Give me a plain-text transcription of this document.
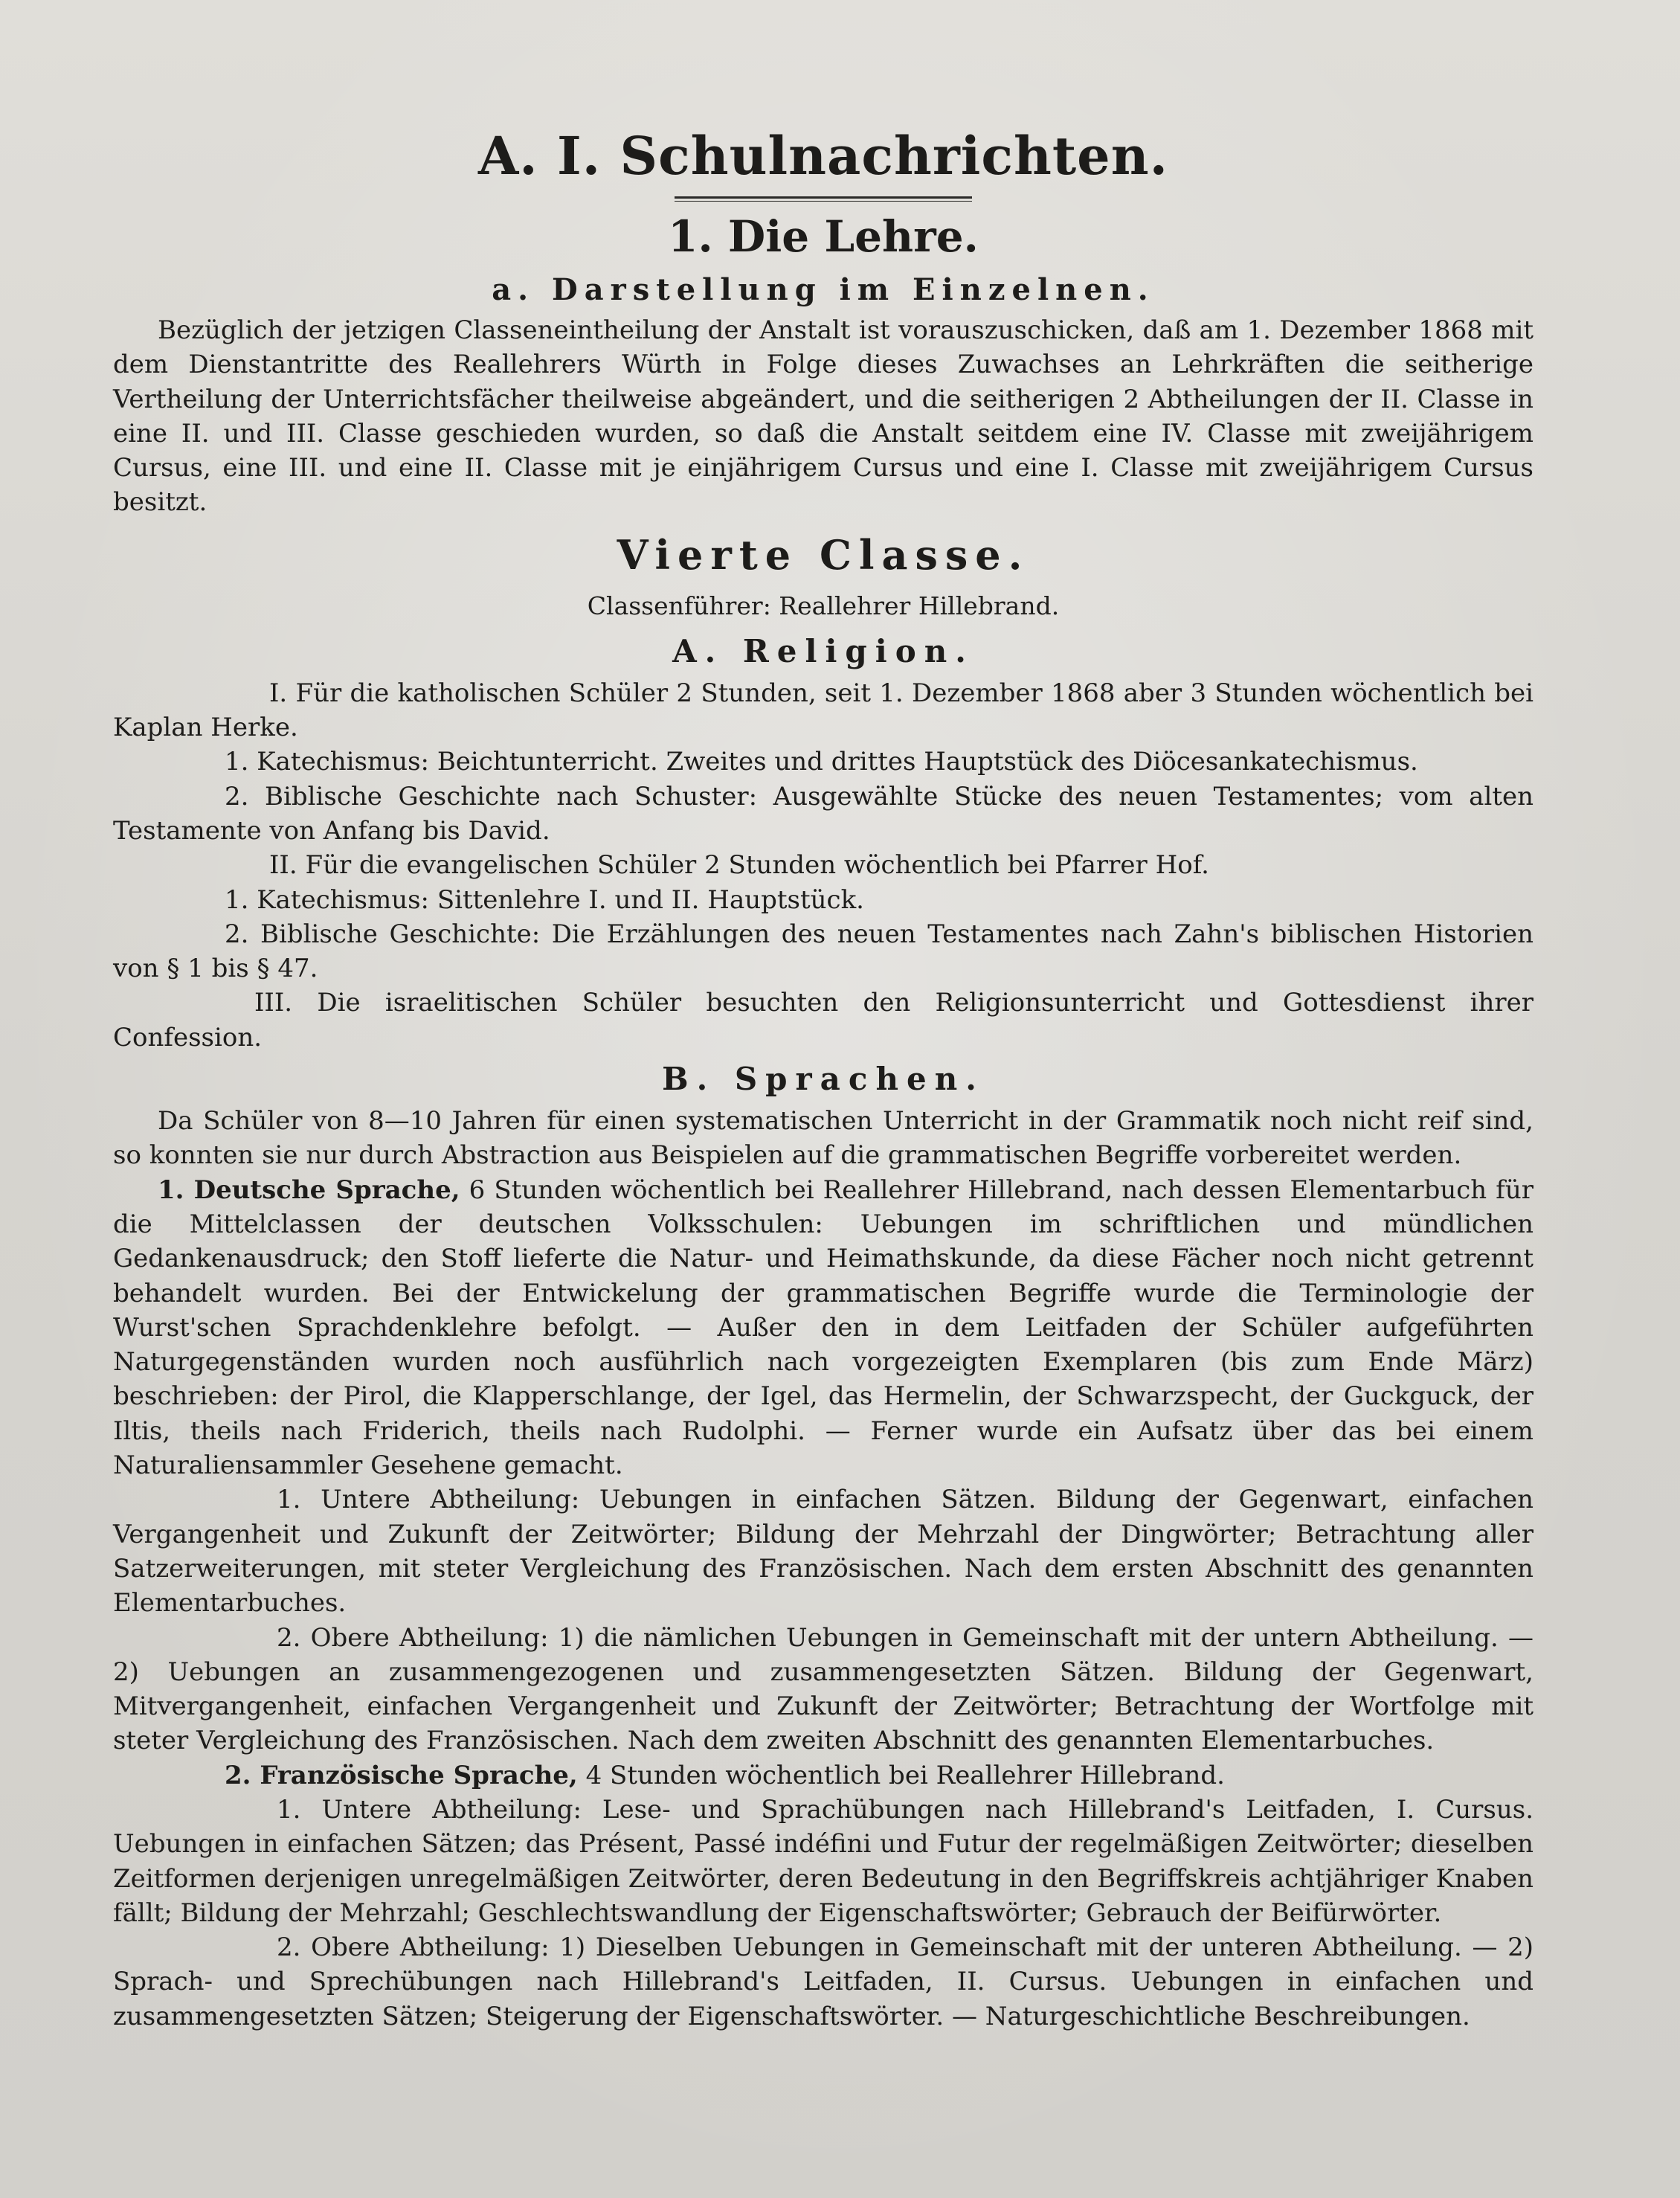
A. I. Schulnachrichten.
1. Die Lehre.
a. Darstellung im Einzelnen.

Bezüglich der jetzigen Classeneintheilung der Anstalt ist vorauszuschicken, daß am 1. Dezember 1868 mit dem Dienstantritte des Reallehrers Würth in Folge dieses Zuwachses an Lehrkräften die seitherige Vertheilung der Unterrichtsfächer theilweise abgeändert, und die seitherigen 2 Abtheilungen der II. Classe in eine II. und III. Classe geschieden wurden, so daß die Anstalt seitdem eine IV. Classe mit zweijährigem Cursus, eine III. und eine II. Classe mit je einjährigem Cursus und eine I. Classe mit zweijährigem Cursus besitzt.

Vierte Classe.
Classenführer: Reallehrer Hillebrand.
A. Religion.

I. Für die katholischen Schüler 2 Stunden, seit 1. Dezember 1868 aber 3 Stunden wöchentlich bei Kaplan Herke.

1. Katechismus: Beichtunterricht. Zweites und drittes Hauptstück des Diöcesankatechismus.

2. Biblische Geschichte nach Schuster: Ausgewählte Stücke des neuen Testamentes; vom alten Testamente von Anfang bis David.

II. Für die evangelischen Schüler 2 Stunden wöchentlich bei Pfarrer Hof.

1. Katechismus: Sittenlehre I. und II. Hauptstück.

2. Biblische Geschichte: Die Erzählungen des neuen Testamentes nach Zahn's biblischen Historien von § 1 bis § 47.

III. Die israelitischen Schüler besuchten den Religionsunterricht und Gottesdienst ihrer Confession.

B. Sprachen.

Da Schüler von 8—10 Jahren für einen systematischen Unterricht in der Grammatik noch nicht reif sind, so konnten sie nur durch Abstraction aus Beispielen auf die grammatischen Begriffe vorbereitet werden.

1. Deutsche Sprache, 6 Stunden wöchentlich bei Reallehrer Hillebrand, nach dessen Elementarbuch für die Mittelclassen der deutschen Volksschulen: Uebungen im schriftlichen und mündlichen Gedankenausdruck; den Stoff lieferte die Natur- und Heimathskunde, da diese Fächer noch nicht getrennt behandelt wurden. Bei der Entwickelung der grammatischen Begriffe wurde die Terminologie der Wurst'schen Sprachdenklehre befolgt. — Außer den in dem Leitfaden der Schüler aufgeführten Naturgegenständen wurden noch ausführlich nach vorgezeigten Exemplaren (bis zum Ende März) beschrieben: der Pirol, die Klapperschlange, der Igel, das Hermelin, der Schwarzspecht, der Guckguck, der Iltis, theils nach Friderich, theils nach Rudolphi. — Ferner wurde ein Aufsatz über das bei einem Naturaliensammler Gesehene gemacht.

1. Untere Abtheilung: Uebungen in einfachen Sätzen. Bildung der Gegenwart, einfachen Vergangenheit und Zukunft der Zeitwörter; Bildung der Mehrzahl der Dingwörter; Betrachtung aller Satzerweiterungen, mit steter Vergleichung des Französischen. Nach dem ersten Abschnitt des genannten Elementarbuches.

2. Obere Abtheilung: 1) die nämlichen Uebungen in Gemeinschaft mit der untern Abtheilung. — 2) Uebungen an zusammengezogenen und zusammengesetzten Sätzen. Bildung der Gegenwart, Mitvergangenheit, einfachen Vergangenheit und Zukunft der Zeitwörter; Betrachtung der Wortfolge mit steter Vergleichung des Französischen. Nach dem zweiten Abschnitt des genannten Elementarbuches.

2. Französische Sprache, 4 Stunden wöchentlich bei Reallehrer Hillebrand.

1. Untere Abtheilung: Lese- und Sprachübungen nach Hillebrand's Leitfaden, I. Cursus. Uebungen in einfachen Sätzen; das Présent, Passé indéfini und Futur der regelmäßigen Zeitwörter; dieselben Zeitformen derjenigen unregelmäßigen Zeitwörter, deren Bedeutung in den Begriffskreis achtjähriger Knaben fällt; Bildung der Mehrzahl; Geschlechtswandlung der Eigenschaftswörter; Gebrauch der Beifürwörter.

2. Obere Abtheilung: 1) Dieselben Uebungen in Gemeinschaft mit der unteren Abtheilung. — 2) Sprach- und Sprechübungen nach Hillebrand's Leitfaden, II. Cursus. Uebungen in einfachen und zusammengesetzten Sätzen; Steigerung der Eigenschaftswörter. — Naturgeschichtliche Beschreibungen.
